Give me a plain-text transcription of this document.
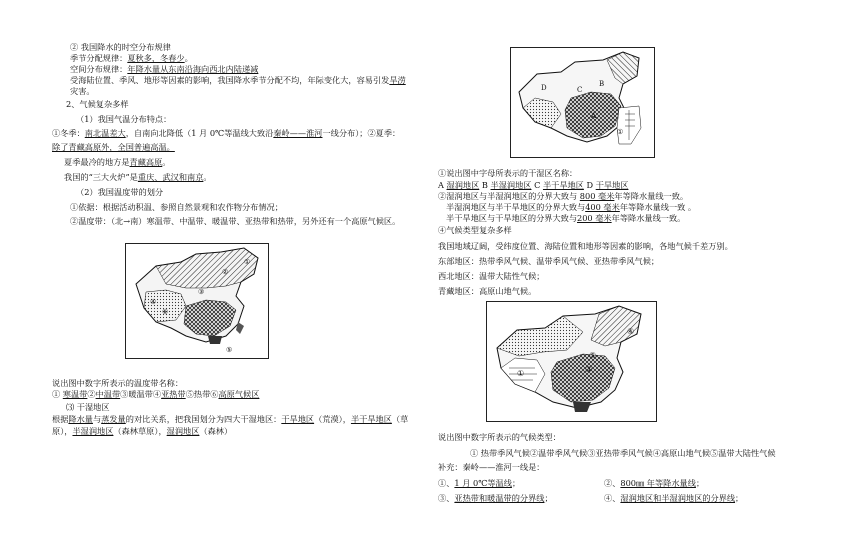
② 我国降水的时空分布规律
季节分配规律：夏秋多，冬春少。
空间分布规律：年降水量从东南沿海向西北内陆递减
受海陆位置、季风、地形等因素的影响，我国降水季节分配不均，年际变化大，容易引发旱涝
灾害。
2、气候复杂多样
（1）我国气温分布特点：
①冬季：南北温差大，自南向北降低（1 月 0℃等温线大致沿秦岭——淮河一线分布）；②夏季：
除了青藏高原外，全国普遍高温。
夏季最冷的地方是青藏高原。
我国的“三大火炉”是重庆、武汉和南京。
（2）我国温度带的划分
①依据：根据活动积温、参照自然景观和农作物分布情况；
②温度带：（北→南）寒温带、中温带、暖温带、亚热带和热带，另外还有一个高原气候区。
④
⑤
⑥
③
②
①
说出图中数字所表示的温度带名称：
① 寒温带②中温带③暖温带④亚热带⑤热带⑥高原气候区
⑶ 干湿地区
根据降水量与蒸发量的对比关系，把我国划分为四大干湿地区：干旱地区（荒漠），半干旱地区（草
原），半湿润地区（森林草原），湿润地区（森林）
A
B
C
D
①
①说出图中字母所表示的干湿区名称：
A 湿润地区 B 半湿润地区 C 半干旱地区 D 干旱地区
②湿润地区与半湿润地区的分界大致与 800 毫米年等降水量线一致。
半湿润地区与半干旱地区的分界大致与400 毫米年等降水量线一致 。
半干旱地区与干旱地区的分界大致与200 毫米年等降水量线一致。
④气候类型复杂多样
我国地域辽阔，受纬度位置、海陆位置和地形等因素的影响，各地气候千差万别。
东部地区：热带季风气候、温带季风气候、亚热带季风气候；
西北地区：温带大陆性气候；
青藏地区：高原山地气候。
⑤
④
③
①
说出图中数字所表示的气候类型：
① 热带季风气候②温带季风气候③亚热带季风气候④高原山地气候⑤温带大陆性气候
补充：秦岭——淮河一线是：
①、1 月 0℃等温线；	②、800㎜ 年等降水量线；
③、亚热带和暖温带的分界线；	④、湿润地区和半湿润地区的分界线；
